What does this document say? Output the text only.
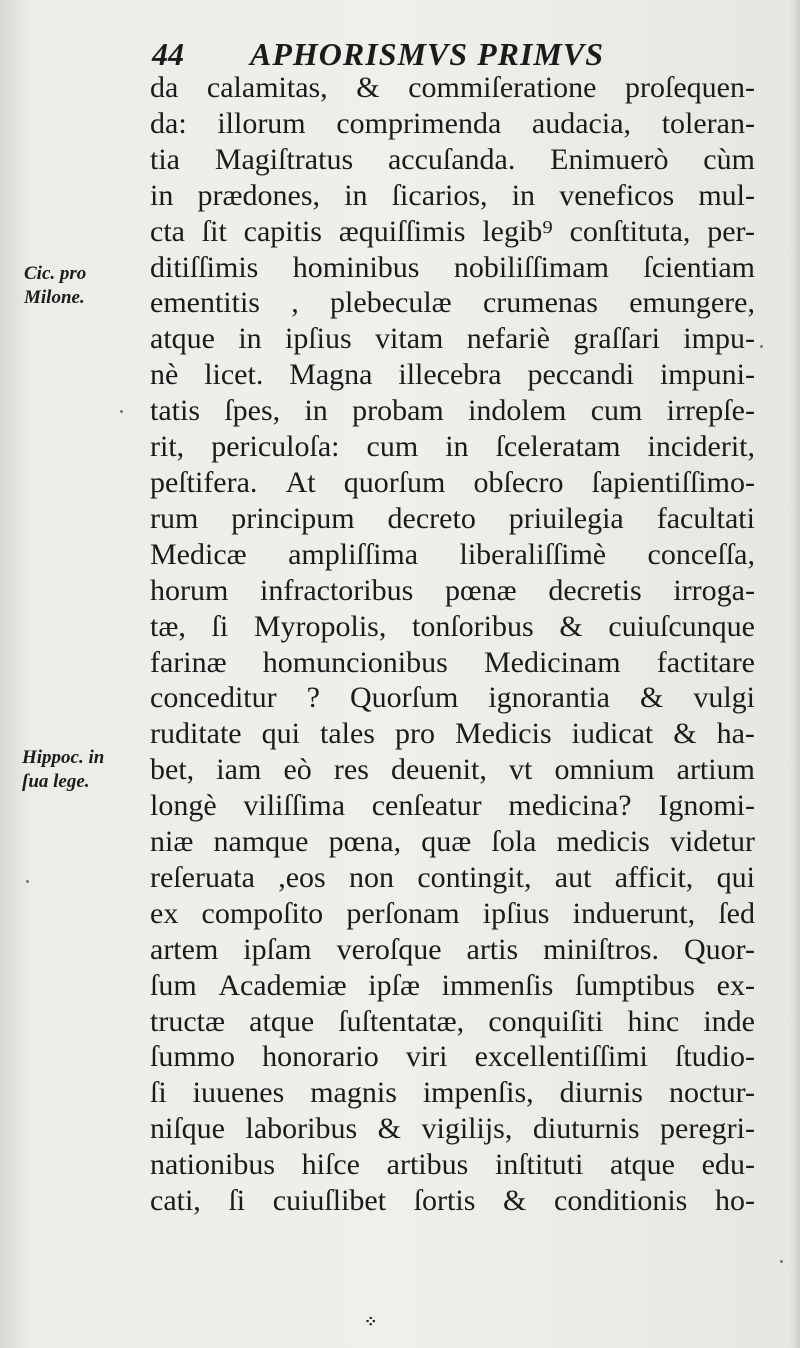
44 APHORISMVS PRIMVS
Cic. pro
Milone.
Hippoc. in
ſua lege.
da calamitas, & commiſeratione proſequen-
da: illorum comprimenda audacia, toleran-
tia Magiſtratus accuſanda. Enimuerò cùm
in prædones, in ſicarios, in veneficos mul-
cta ſit capitis æquiſſimis legib⁹ conſtituta, per-
ditiſſimis hominibus nobiliſſimam ſcientiam
ementitis , plebeculæ crumenas emungere,
atque in ipſius vitam nefariè graſſari impu-
nè licet. Magna illecebra peccandi impuni-
tatis ſpes, in probam indolem cum irrepſe-
rit, periculoſa: cum in ſceleratam inciderit,
peſtifera. At quorſum obſecro ſapientiſſimo-
rum principum decreto priuilegia facultati
Medicæ ampliſſima liberaliſſimè conceſſa,
horum infractoribus pœnæ decretis irroga-
tæ, ſi Myropolis, tonſoribus & cuiuſcunque
farinæ homuncionibus Medicinam factitare
conceditur ? Quorſum ignorantia & vulgi
ruditate qui tales pro Medicis iudicat & ha-
bet, iam eò res deuenit, vt omnium artium
longè viliſſima cenſeatur medicina? Ignomi-
niæ namque pœna, quæ ſola medicis videtur
reſeruata ,eos non contingit, aut afficit, qui
ex compoſito perſonam ipſius induerunt, ſed
artem ipſam veroſque artis miniſtros. Quor-
ſum Academiæ ipſæ immenſis ſumptibus ex-
tructæ atque ſuſtentatæ, conquiſiti hinc inde
ſummo honorario viri excellentiſſimi ſtudio-
ſi iuuenes magnis impenſis, diurnis noctur-
niſque laboribus & vigilijs, diuturnis peregri-
nationibus hiſce artibus inſtituti atque edu-
cati, ſi cuiuſlibet ſortis & conditionis ho-
⁘
